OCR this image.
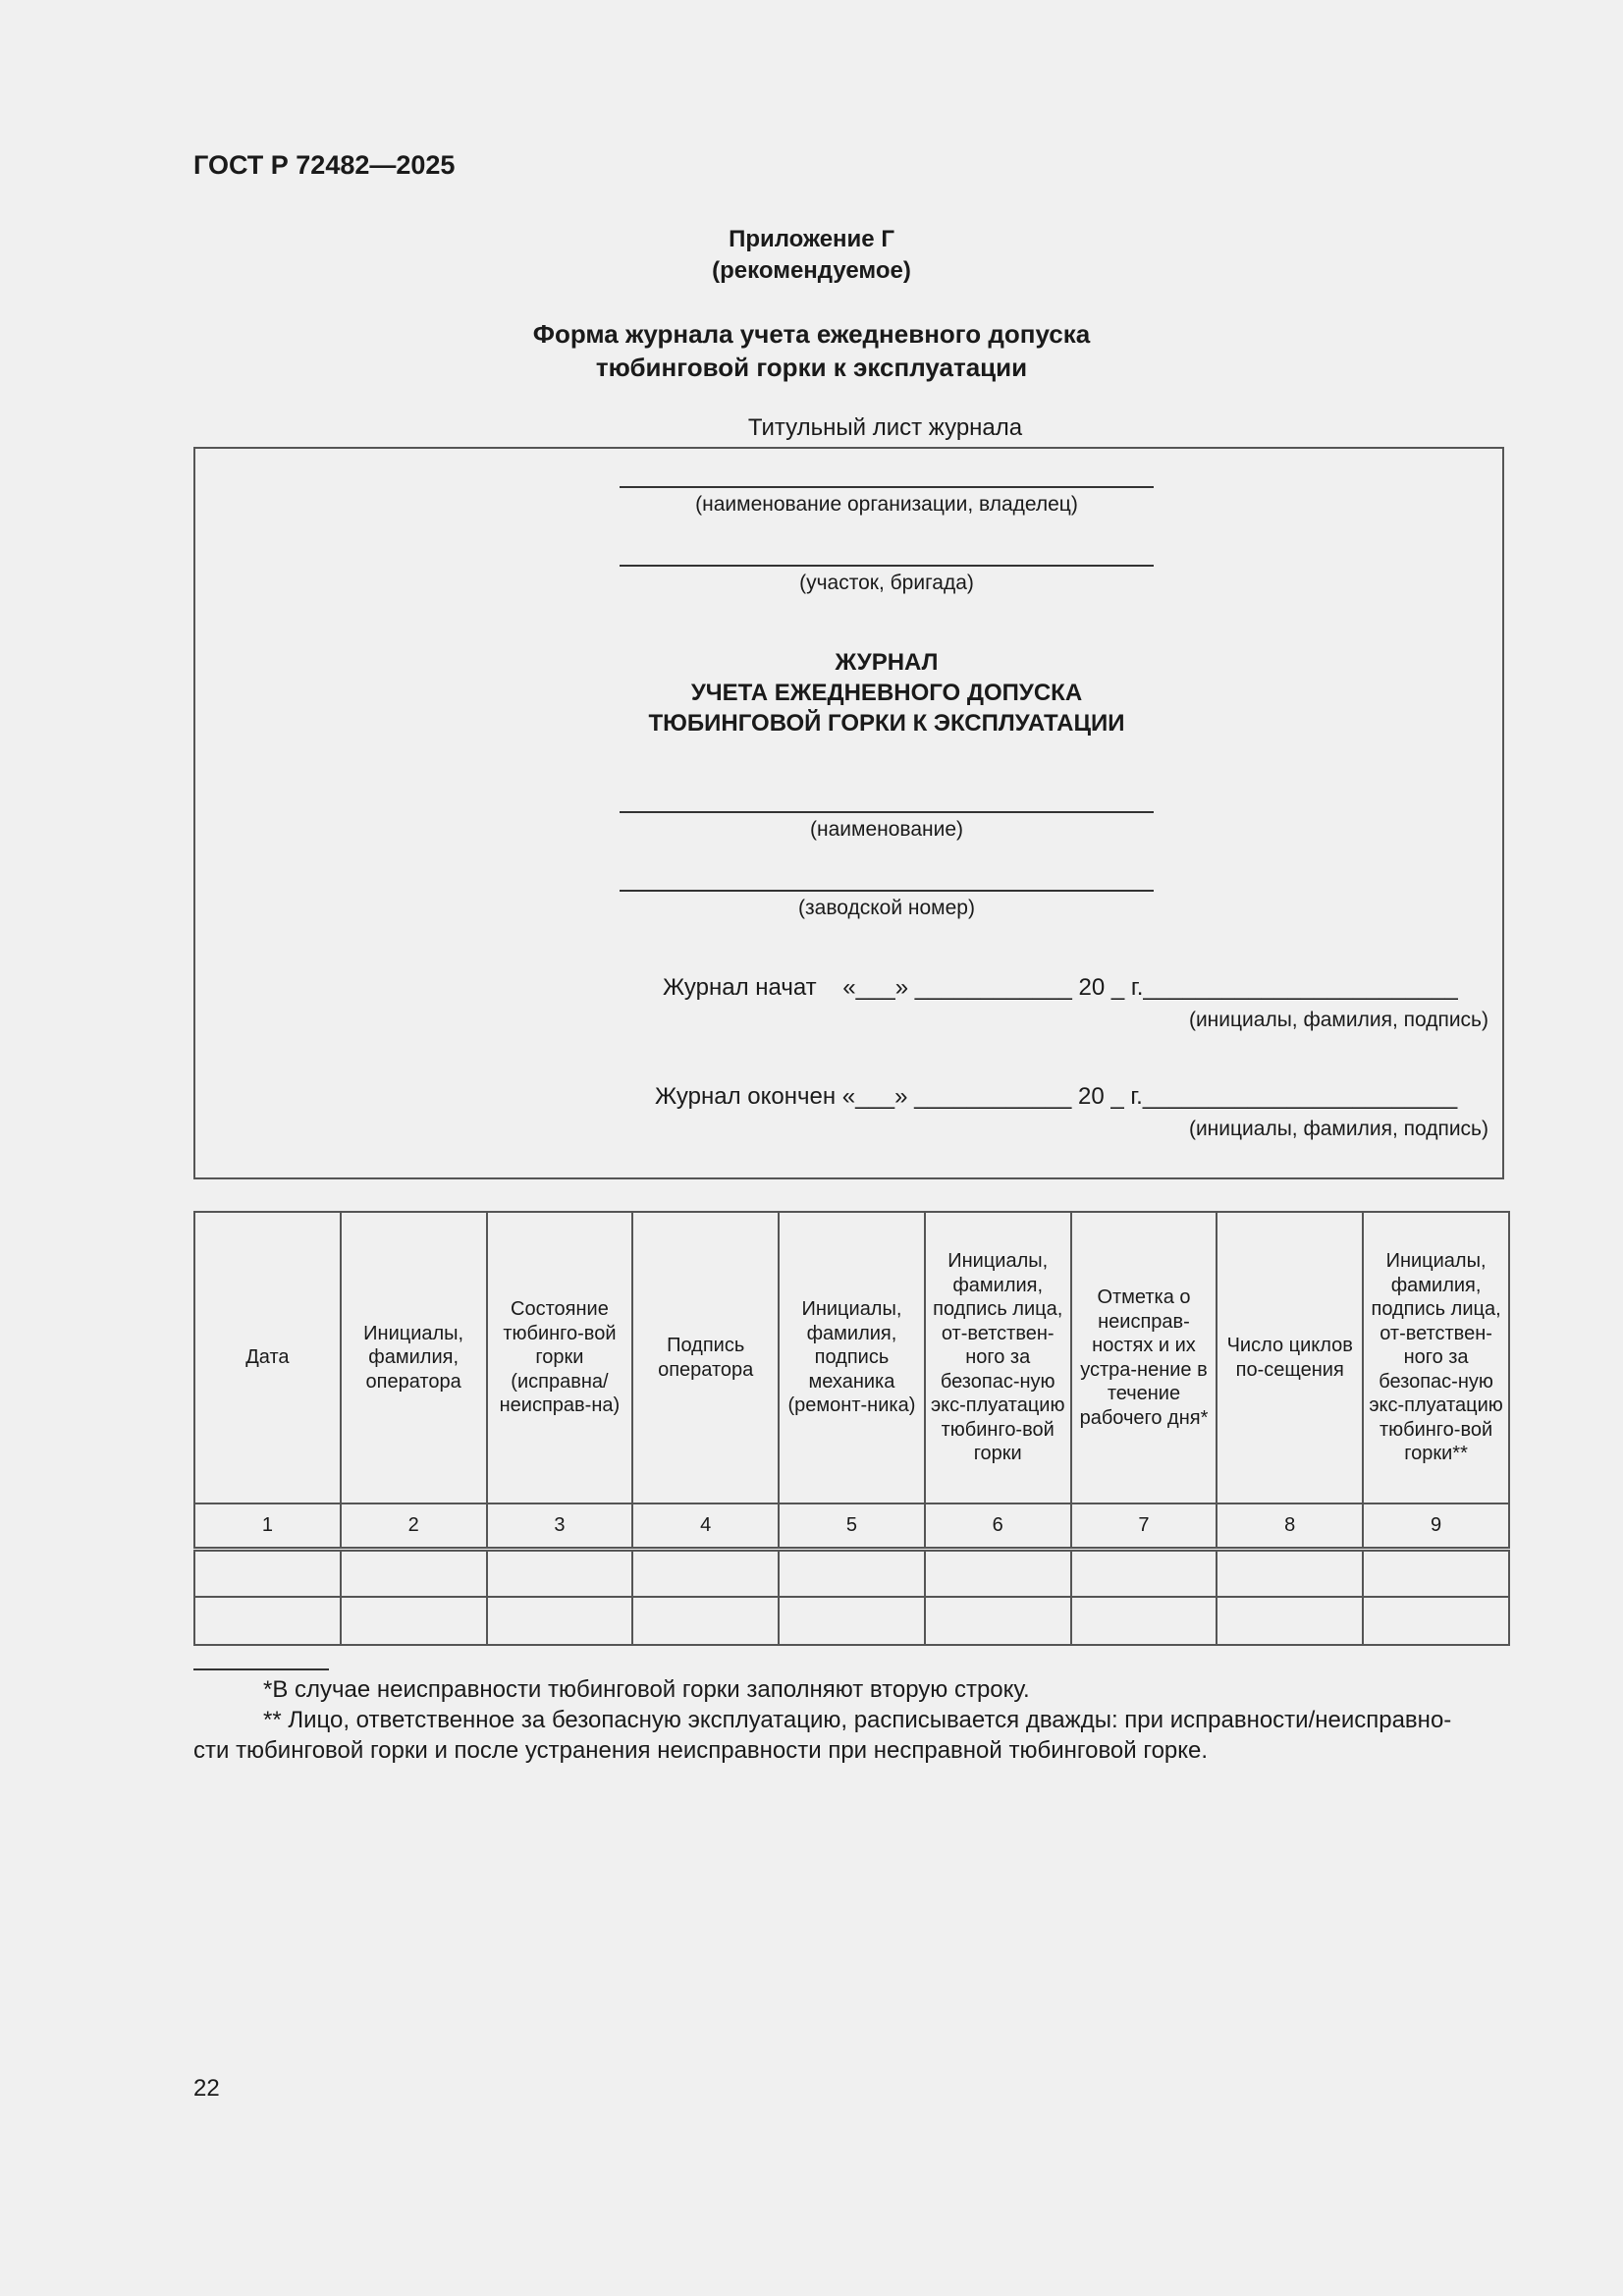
ГОСТ Р 72482—2025
Приложение Г
(рекомендуемое)
Форма журнала учета ежедневного допуска
тюбинговой горки к эксплуатации
Титульный лист журнала
(наименование организации, владелец)
(участок, бригада)
ЖУРНАЛ
УЧЕТА ЕЖЕДНЕВНОГО ДОПУСКА
ТЮБИНГОВОЙ ГОРКИ К ЭКСПЛУАТАЦИИ
(наименование)
(заводской номер)
Журнал начат    «___» ____________ 20 _ г.________________________
(инициалы, фамилия, подпись)
Журнал окончен «___» ____________ 20 _ г.________________________
(инициалы, фамилия, подпись)
Дата	Инициалы, фамилия, оператора	Состояние тюбинго-вой горки (исправна/ неисправ-на)	Подпись оператора	Инициалы, фамилия, подпись механика (ремонт-ника)	Инициалы, фамилия, подпись лица, от-ветствен-ного за безопас-ную экс-плуатацию тюбинго-вой горки	Отметка о неиспрaв-ностях и их устра-нение в течение рабочего дня*	Число циклов по-сещения	Инициалы, фамилия, подпись лица, от-ветствен-ного за безопас-ную экс-плуатацию тюбинго-вой горки**
1	2	3	4	5	6	7	8	9

*В случае неисправности тюбинговой горки заполняют вторую строку.
** Лицо, ответственное за безопасную эксплуатацию, расписывается дважды: при исправности/неисправно-
сти тюбинговой горки и после устранения неисправности при несправной тюбинговой горке.
22
